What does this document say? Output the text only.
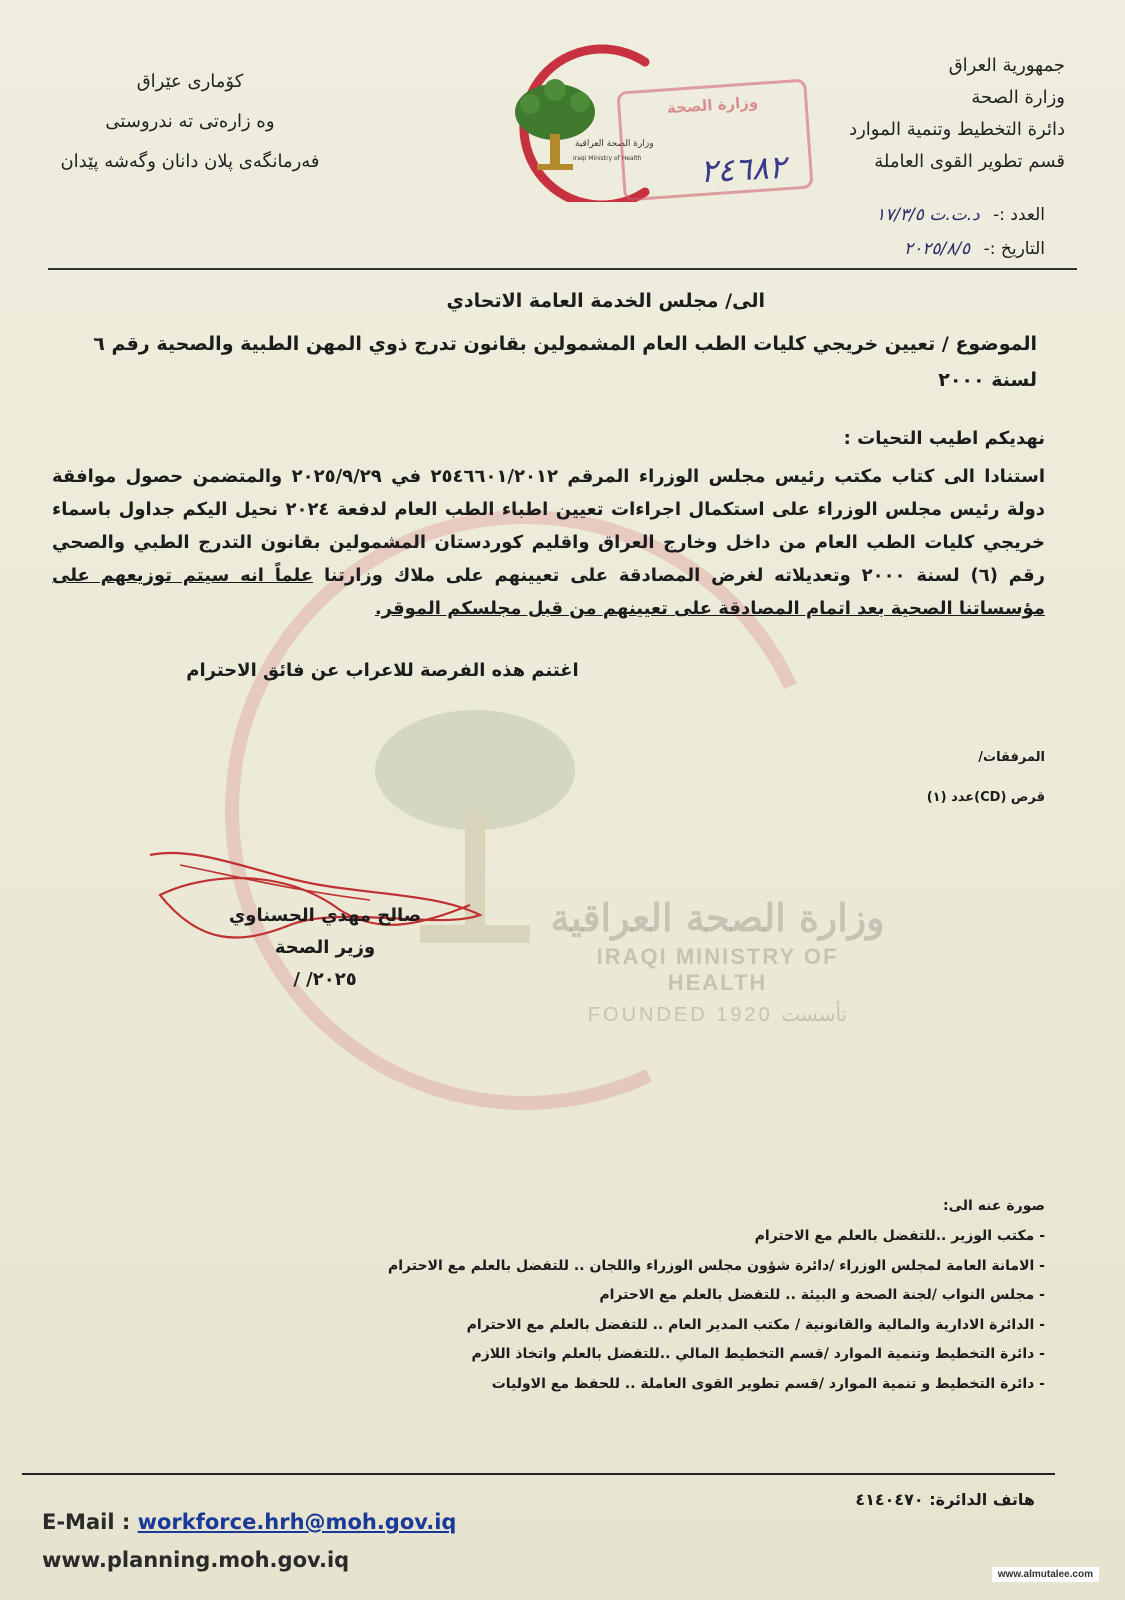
وزارة الصحة العراقية
IRAQI MINISTRY OF HEALTH
FOUNDED 1920 تأسست
جمهورية العراق
وزارة الصحة
دائرة التخطيط وتنمية الموارد
قسم تطوير القوى العاملة
كۆماری عێراق
وه زارەتی تە ندروستی
فەرمانگەی پلان دانان وگەشە پێدان
وزارة الصحة العراقية
Iraqi Ministry of Health
وزارة الصحة
٢٤٦٨٢
العدد :- د.ت.ت ١٧/٣/٥
التاريخ :- ٢٠٢٥/٨/٥
الى/ مجلس الخدمة العامة الاتحادي
الموضوع / تعيين خريجي كليات الطب العام المشمولين بقانون تدرج ذوي المهن الطبية والصحية رقم ٦ لسنة ٢٠٠٠
نهديكم اطيب التحيات :
استنادا الى كتاب مكتب رئيس مجلس الوزراء المرقم ٢٥٤٦٦٠١/٢٠١٢ في ٢٠٢٥/٩/٢٩ والمتضمن حصول موافقة دولة رئيس مجلس الوزراء على استكمال اجراءات تعيين اطباء الطب العام لدفعة ٢٠٢٤ نحيل اليكم جداول باسماء خريجي كليات الطب العام من داخل وخارج العراق واقليم كوردستان المشمولين بقانون التدرج الطبي والصحي رقم (٦) لسنة ٢٠٠٠ وتعديلاته لغرض المصادقة على تعيينهم على ملاك وزارتنا علماً انه سيتم توزيعهم على مؤسساتنا الصحية بعد اتمام المصادقة على تعيينهم من قبل مجلسكم الموقر.
اغتنم هذه الفرصة للاعراب عن فائق الاحترام
المرفقات/
قرص (CD)عدد (١)
صالح مهدي الحسناوي
وزير الصحة
٢٠٢٥/ /
صورة عنه الى:
- مكتب الوزير ..للتفضل بالعلم مع الاحترام
- الامانة العامة لمجلس الوزراء /دائرة شؤون مجلس الوزراء واللجان .. للتفضل بالعلم مع الاحترام
- مجلس النواب /لجنة الصحة و البيئة .. للتفضل بالعلم مع الاحترام
- الدائرة الادارية والمالية والقانونية / مكتب المدير العام .. للتفضل بالعلم مع الاحترام
- دائرة التخطيط وتنمية الموارد /قسم التخطيط المالي ..للتفضل بالعلم واتخاذ اللازم
- دائرة التخطيط و تنمية الموارد /قسم تطوير القوى العاملة .. للحفظ مع الاوليات
هاتف الدائرة: ٤١٤٠٤٧٠
E-Mail : workforce.hrh@moh.gov.iq
www.planning.moh.gov.iq
www.almutalee.com
